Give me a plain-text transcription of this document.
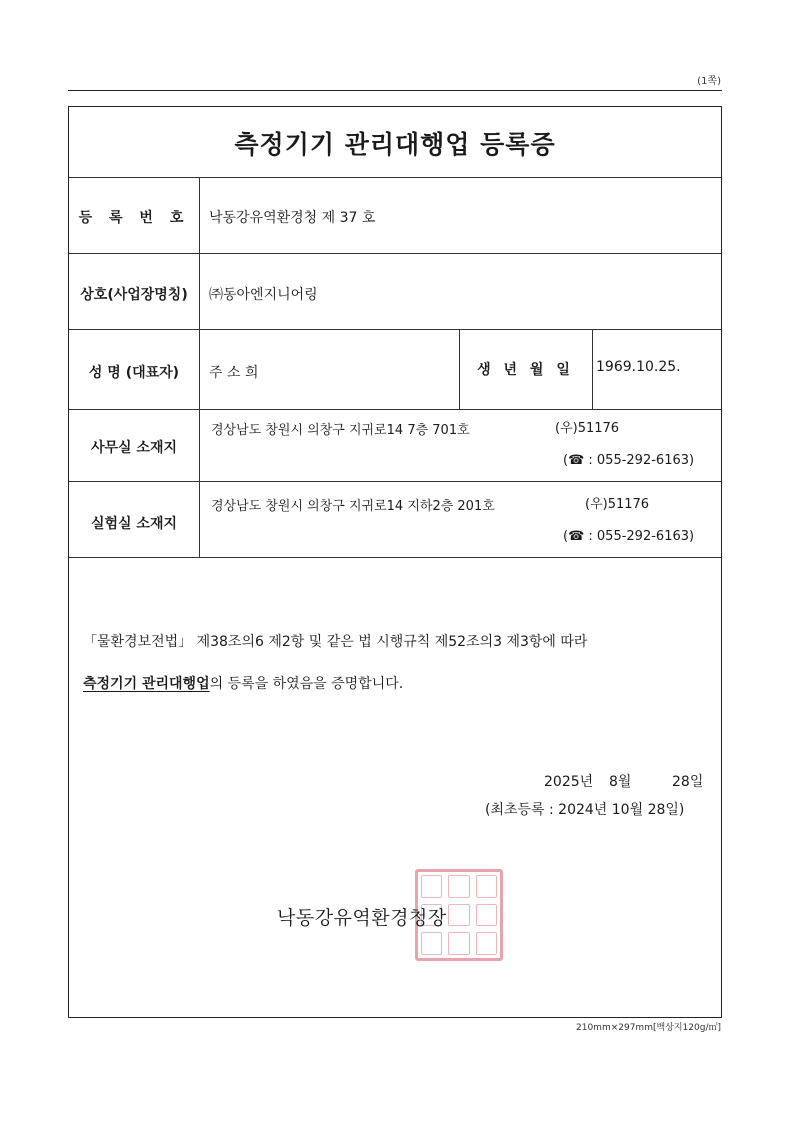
(1쪽)
측정기기 관리대행업 등록증
등 록 번 호	낙동강유역환경청 제 37 호
상호(사업장명칭)	㈜동아엔지니어링
성 명 (대표자)	주 소 희	생 년 월 일	1969.10.25.
사무실 소재지
경상남도 창원시 의창구 지귀로14 7층 701호	(우)51176
(☎ : 055-292-6163)
실험실 소재지
경상남도 창원시 의창구 지귀로14 지하2층 201호	(우)51176
(☎ : 055-292-6163)
「물환경보전법」 제38조의6 제2항 및 같은 법 시행규칙 제52조의3 제3항에 따라
측정기기 관리대행업의 등록을 하였음을 증명합니다.
2025년 8월	28일
(최초등록 : 2024년 10월 28일)
낙동강유역환경청장
210mm×297mm[백상지120g/㎡]
